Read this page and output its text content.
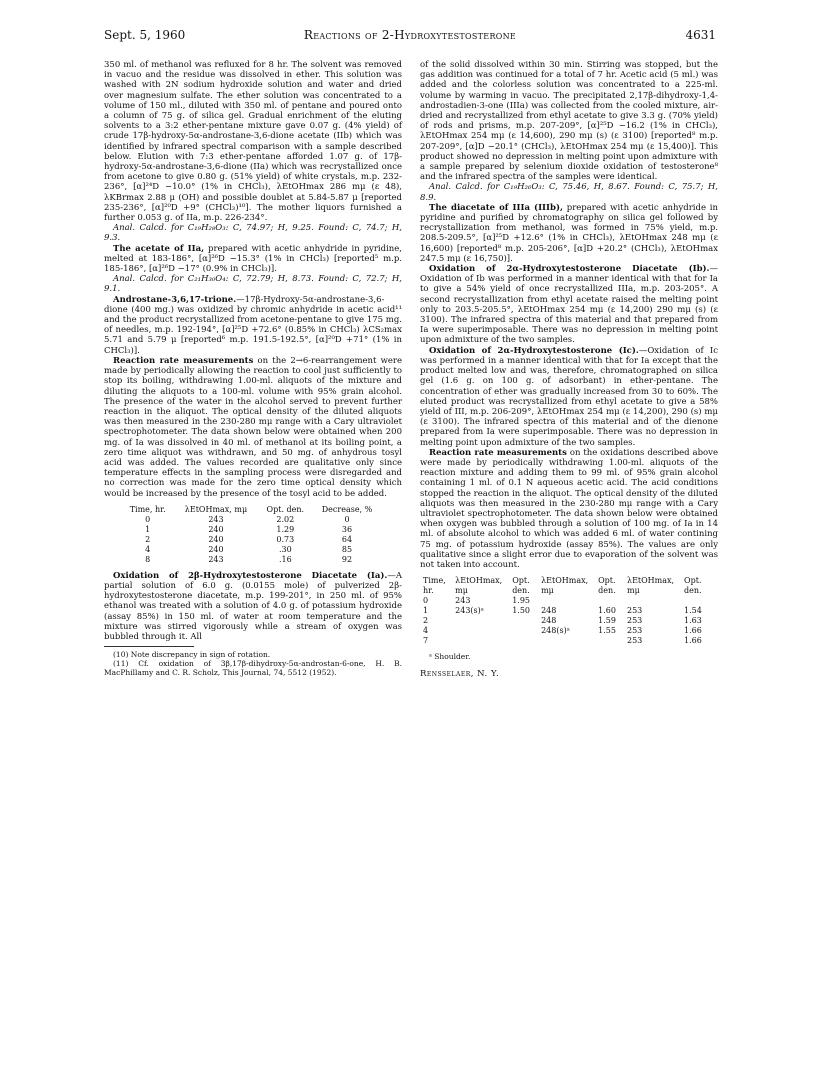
Sept. 5, 1960	Reactions of 2-Hydroxytestosterone	4631

350 ml. of methanol was refluxed for 8 hr. The solvent was removed in vacuo and the residue was dissolved in ether. This solution was washed with 2N sodium hydroxide solution and water and dried over magnesium sulfate. The ether solution was concentrated to a volume of 150 ml., diluted with 350 ml. of pentane and poured onto a column of 75 g. of silica gel. Gradual enrichment of the eluting solvents to a 3:2 ether-pentane mixture gave 0.07 g. (4% yield) of crude 17β-hydroxy-5α-androstane-3,6-dione acetate (IIb) which was identified by infrared spectral comparison with a sample described below. Elution with 7:3 ether-pentane afforded 1.07 g. of 17β-hydroxy-5α-androstane-3,6-dione (IIa) which was recrystallized once from acetone to give 0.80 g. (51% yield) of white crystals, m.p. 232-236°, [α]²⁴D −10.0° (1% in CHCl₃), λEtOHmax 286 mμ (ε 48), λKBrmax 2.88 μ (OH) and possible doublet at 5.84-5.87 μ [reported 235-236°, [α]²⁰D +9° (CHCl₃)¹⁰]. The mother liquors furnished a further 0.053 g. of IIa, m.p. 226-234°.

Anal. Calcd. for C₁₉H₂₈O₃: C, 74.97; H, 9.25. Found: C, 74.7; H, 9.3.

The acetate of IIa, prepared with acetic anhydride in pyridine, melted at 183-186°, [α]²⁶D −15.3° (1% in CHCl₃) [reported⁵ m.p. 185-186°, [α]²⁶D −17° (0.9% in CHCl₃)].

Anal. Calcd. for C₂₁H₃₀O₄: C, 72.79; H, 8.73. Found: C, 72.7; H, 9.1.

Androstane-3,6,17-trione.—17β-Hydroxy-5α-androstane-3,6-dione (400 mg.) was oxidized by chromic anhydride in acetic acid¹¹ and the product recrystallized from acetone-pentane to give 175 mg. of needles, m.p. 192-194°, [α]²⁵D +72.6° (0.85% in CHCl₃) λCS₂max 5.71 and 5.79 μ [reported⁶ m.p. 191.5-192.5°, [α]²⁰D +71° (1% in CHCl₃)].

Reaction rate measurements on the 2→6-rearrangement were made by periodically allowing the reaction to cool just sufficiently to stop its boiling, withdrawing 1.00-ml. aliquots of the mixture and diluting the aliquots to a 100-ml. volume with 95% grain alcohol. The presence of the water in the alcohol served to prevent further reaction in the aliquot. The optical density of the diluted aliquots was then measured in the 230-280 mμ range with a Cary ultraviolet spectrophotometer. The data shown below were obtained when 200 mg. of Ia was dissolved in 40 ml. of methanol at its boiling point, a zero time aliquot was withdrawn, and 50 mg. of anhydrous tosyl acid was added. The values recorded are qualitative only since temperature effects in the sampling process were disregarded and no correction was made for the zero time optical density which would be increased by the presence of the tosyl acid to be added.

Time, hr.	λEtOHmax, mμ	Opt. den.	Decrease, %
0	243	2.02	0
1	240	1.29	36
2	240	0.73	64
4	240	.30	85
8	243	.16	92

Oxidation of 2β-Hydroxytestosterone Diacetate (Ia).—A partial solution of 6.0 g. (0.0155 mole) of pulverized 2β-hydroxytestosterone diacetate, m.p. 199-201°, in 250 ml. of 95% ethanol was treated with a solution of 4.0 g. of potassium hydroxide (assay 85%) in 150 ml. of water at room temperature and the mixture was stirred vigorously while a stream of oxygen was bubbled through it. All

(10) Note discrepancy in sign of rotation.

(11) Cf. oxidation of 3β,17β-dihydroxy-5α-androstan-6-one, H. B. MacPhillamy and C. R. Scholz, This Journal, 74, 5512 (1952).

of the solid dissolved within 30 min. Stirring was stopped, but the gas addition was continued for a total of 7 hr. Acetic acid (5 ml.) was added and the colorless solution was concentrated to a 225-ml. volume by warming in vacuo. The precipitated 2,17β-dihydroxy-1,4-androstadien-3-one (IIIa) was collected from the cooled mixture, air-dried and recrystallized from ethyl acetate to give 3.3 g. (70% yield) of rods and prisms, m.p. 207-209°, [α]²⁵D −16.2 (1% in CHCl₃), λEtOHmax 254 mμ (ε 14,600), 290 mμ (s) (ε 3100) [reported⁸ m.p. 207-209°, [α]D −20.1° (CHCl₃), λEtOHmax 254 mμ (ε 15,400)]. This product showed no depression in melting point upon admixture with a sample prepared by selenium dioxide oxidation of testosterone⁸ and the infrared spectra of the samples were identical.

Anal. Calcd. for C₁₉H₂₆O₃: C, 75.46, H, 8.67. Found: C, 75.7; H, 8.9.

The diacetate of IIIa (IIIb), prepared with acetic anhydride in pyridine and purified by chromatography on silica gel followed by recrystallization from methanol, was formed in 75% yield, m.p. 208.5-209.5°, [α]²⁵D +12.6° (1% in CHCl₃), λEtOHmax 248 mμ (ε 16,600) [reported⁸ m.p. 205-206°, [α]D +20.2° (CHCl₃), λEtOHmax 247.5 mμ (ε 16,750)].

Oxidation of 2α-Hydroxytestosterone Diacetate (Ib).—Oxidation of Ib was performed in a manner identical with that for Ia to give a 54% yield of once recrystallized IIIa, m.p. 203-205°. A second recrystallization from ethyl acetate raised the melting point only to 203.5-205.5°, λEtOHmax 254 mμ (ε 14,200) 290 mμ (s) (ε 3100). The infrared spectra of this material and that prepared from Ia were superimposable. There was no depression in melting point upon admixture of the two samples.

Oxidation of 2α-Hydroxytestosterone (Ic).—Oxidation of Ic was performed in a manner identical with that for Ia except that the product melted low and was, therefore, chromatographed on silica gel (1.6 g. on 100 g. of adsorbant) in ether-pentane. The concentration of ether was gradually increased from 30 to 60%. The eluted product was recrystallized from ethyl acetate to give a 58% yield of III, m.p. 206-209°, λEtOHmax 254 mμ (ε 14,200), 290 (s) mμ (ε 3100). The infrared spectra of this material and of the dienone prepared from Ia were superimposable. There was no depression in melting point upon admixture of the two samples.

Reaction rate measurements on the oxidations described above were made by periodically withdrawing 1.00-ml. aliquots of the reaction mixture and adding them to 99 ml. of 95% grain alcohol containing 1 ml. of 0.1 N aqueous acetic acid. The acid conditions stopped the reaction in the aliquot. The optical density of the diluted aliquots was then measured in the 230-280 mμ range with a Cary ultraviolet spectrophotometer. The data shown below were obtained when oxygen was bubbled through a solution of 100 mg. of Ia in 14 ml. of absolute alcohol to which was added 6 ml. of water contining 75 mg. of potassium hydroxide (assay 85%). The values are only qualitative since a slight error due to evaporation of the solvent was not taken into account.

Time, hr.	λEtOHmax, mμ	Opt. den.	λEtOHmax, mμ	Opt. den.	λEtOHmax, mμ	Opt. den.
0	243	1.95				
1	243(s)ᵃ	1.50	248	1.60	253	1.54
2			248	1.59	253	1.63
4			248(s)ᵃ	1.55	253	1.66
7					253	1.66

ᵃ Shoulder.

Rensselaer, N. Y.
